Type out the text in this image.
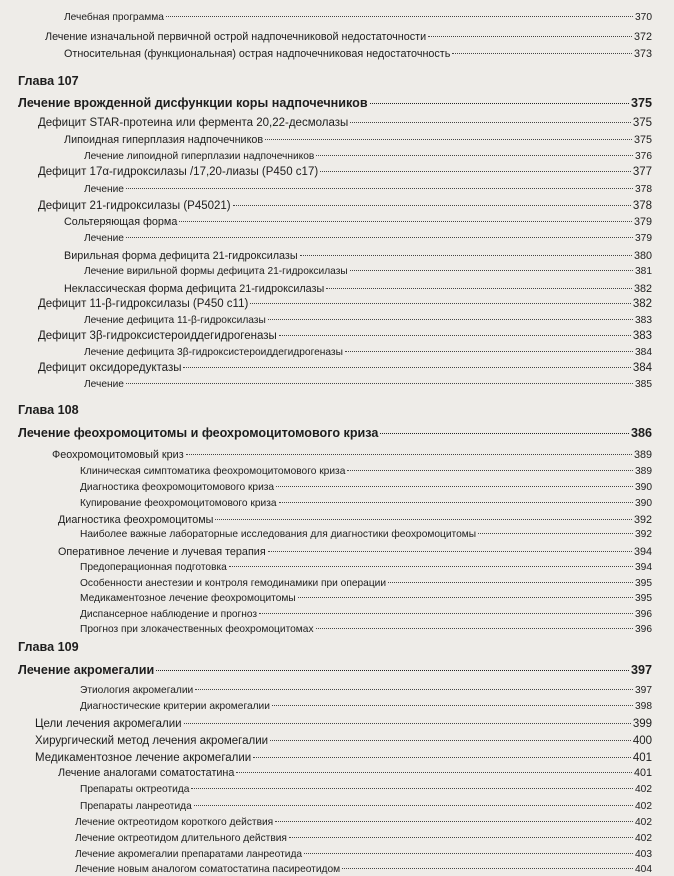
Лечебная программа	370
Лечение изначальной первичной острой надпочечниковой недостаточности	372
Относительная (функциональная) острая надпочечниковая недостаточность	373
Глава 107
Лечение врожденной дисфункции коры надпочечников	375
Дефицит STAR-протеина или фермента 20,22-десмолазы	375
Липоидная гиперплазия надпочечников	375
Лечение липоидной гиперплазии надпочечников	376
Дефицит 17α-гидроксилазы /17,20-лиазы (Р450 с17)	377
Лечение	378
Дефицит 21-гидроксилазы (Р45021)	378
Сольтеряющая форма	379
Лечение	379
Вирильная форма дефицита 21-гидроксилазы	380
Лечение вирильной формы дефицита 21-гидроксилазы	381
Неклассическая форма дефицита 21-гидроксилазы	382
Дефицит 11-β-гидроксилазы (Р450 с11)	382
Лечение дефицита 11-β-гидроксилазы	383
Дефицит 3β-гидроксистероиддегидрогеназы	383
Лечение дефицита 3β-гидроксистероиддегидрогеназы	384
Дефицит оксидоредуктазы	384
Лечение	385
Глава 108
Лечение феохромоцитомы и феохромоцитомового криза	386
Феохромоцитомовый криз	389
Клиническая симптоматика феохромоцитомового криза	389
Диагностика феохромоцитомового криза	390
Купирование феохромоцитомового криза	390
Диагностика феохромоцитомы	392
Наиболее важные лабораторные исследования для диагностики феохромоцитомы	392
Оперативное лечение и лучевая терапия	394
Предоперационная подготовка	394
Особенности анестезии и контроля гемодинамики при операции	395
Медикаментозное лечение феохромоцитомы	395
Диспансерное наблюдение и прогноз	396
Прогноз при злокачественных феохромоцитомах	396
Глава 109
Лечение акромегалии	397
Этиология акромегалии	397
Диагностические критерии акромегалии	398
Цели лечения акромегалии	399
Хирургический метод лечения акромегалии	400
Медикаментозное лечение акромегалии	401
Лечение аналогами соматостатина	401
Препараты октреотида	402
Препараты ланреотида	402
Лечение октреотидом короткого действия	402
Лечение октреотидом длительного действия	402
Лечение акромегалии препаратами ланреотида	403
Лечение новым аналогом соматостатина пасиреотидом	404
